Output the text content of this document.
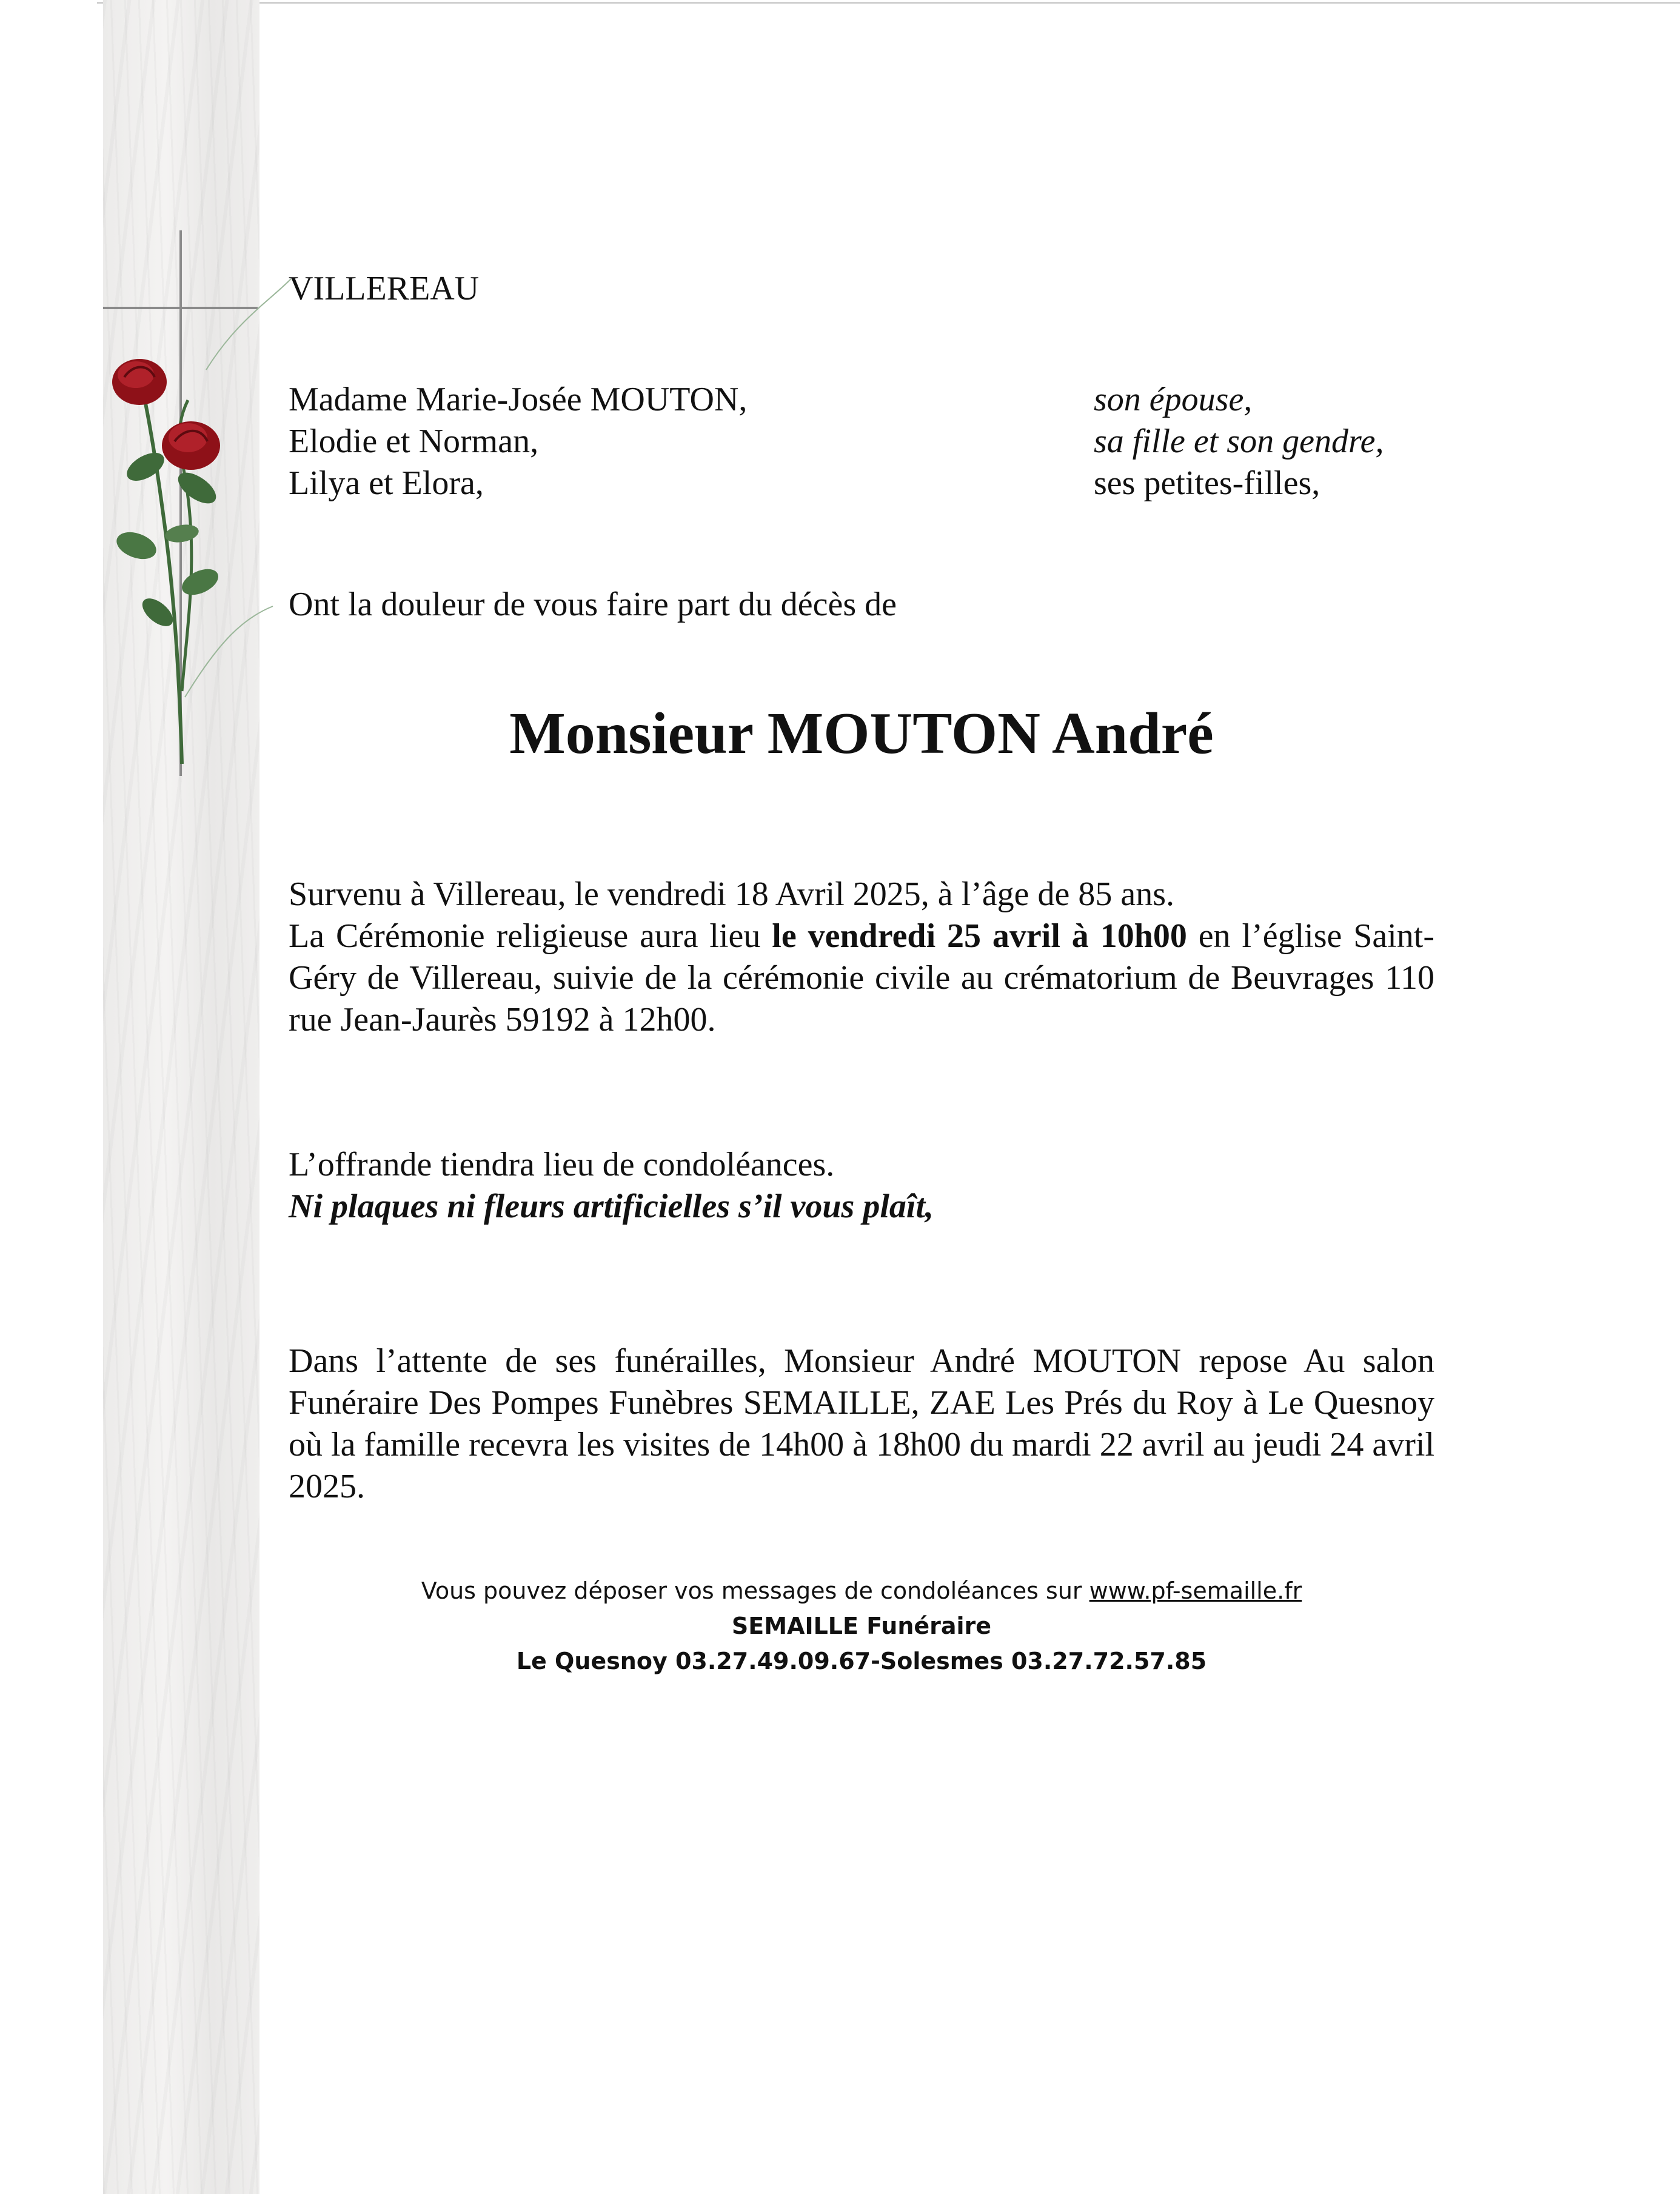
VILLEREAU

Madame Marie-Josée MOUTON,

Elodie et Norman,

Lilya et Elora,

son épouse,

sa fille et son gendre,

ses petites-filles,

Ont la douleur de vous faire part du décès de
Monsieur MOUTON André

Survenu à Villereau, le vendredi 18 Avril 2025, à l’âge de 85 ans.

La Cérémonie religieuse aura lieu le vendredi 25 avril à 10h00 en l’église Saint-Géry de Villereau, suivie de la cérémonie civile au crématorium de Beuvrages 110 rue Jean-Jaurès 59192 à 12h00.

L’offrande tiendra lieu de condoléances.

Ni plaques ni fleurs artificielles s’il vous plaît,

Dans l’attente de ses funérailles, Monsieur André MOUTON repose Au salon Funéraire Des Pompes Funèbres SEMAILLE, ZAE Les Prés du Roy à Le Quesnoy où la famille recevra les visites de 14h00 à 18h00 du mardi 22 avril au jeudi 24 avril 2025.

Vous pouvez déposer vos messages de condoléances sur www.pf-semaille.fr

SEMAILLE Funéraire

Le Quesnoy 03.27.49.09.67-Solesmes 03.27.72.57.85
